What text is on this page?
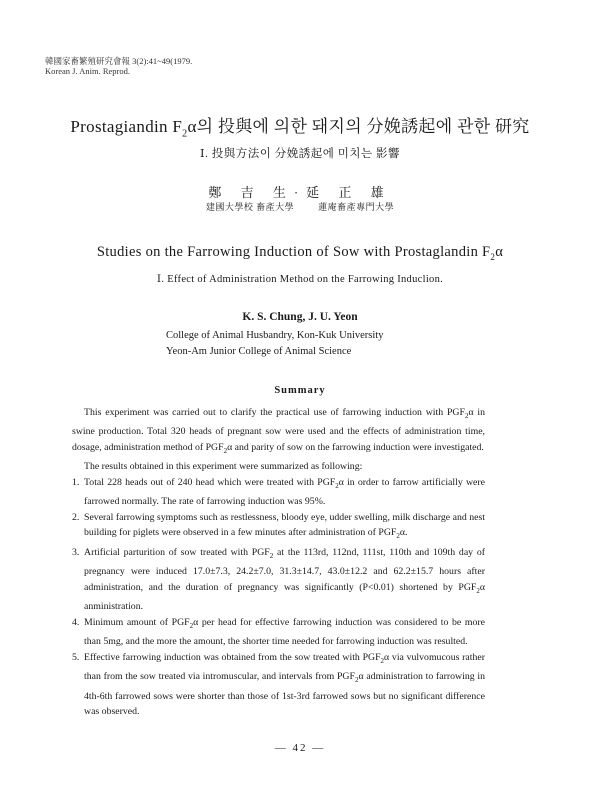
韓國家畜繁殖研究會報 3(2):41~49(1979.
Korean J. Anim. Reprod.
Prostagiandin $F_2\alpha$의 投與에 의한 돼지의 分娩誘起에 관한 研究
Ⅰ. 投與方法이 分娩誘起에 미치는 影響
鄭 吉 生·延 正 雄
建國大學校 畜產大學	蓮庵畜產專門大學
Studies on the Farrowing Induction of Sow with Prostaglandin $F_2\alpha$
Ⅰ. Effect of Administration Method on the Farrowing Induclion.
K. S. Chung, J. U. Yeon
College of Animal Husbandry, Kon-Kuk University
Yeon-Am Junior College of Animal Science
Summary

This experiment was carried out to clarify the practical use of farrowing induction with $PGF_2\alpha$ in swine production. Total 320 heads of pregnant sow were used and the effects of administration time, dosage, administration method of $PGF_2\alpha$ and parity of sow on the farrowing induction were investigated.

The results obtained in this experiment were summarized as following:

1. Total 228 heads out of 240 head which were treated with $PGF_2\alpha$ in order to farrow artificially were farrowed normally. The rate of farrowing induction was 95%.
2. Several farrowing symptoms such as restlessness, bloody eye, udder swelling, milk discharge and nest building for piglets were observed in a few minutes after administration of $PGF_2\alpha$.
3. Artificial parturition of sow treated with $PGF_2$ at the 113rd, 112nd, 111st, 110th and 109th day of pregnancy were induced 17.0±7.3, 24.2±7.0, 31.3±14.7, 43.0±12.2 and 62.2±15.7 hours after administration, and the duration of pregnancy was significantly (P<0.01) shortened by $PGF_2\alpha$ anministration.
4. Minimum amount of $PGF_2\alpha$ per head for effective farrowing induction was considered to be more than 5mg, and the more the amount, the shorter time needed for farrowing induction was resulted.
5. Effective farrowing induction was obtained from the sow treated with $PGF_2\alpha$ via vulvomucous rather than from the sow treated via intromuscular, and intervals from $PGF_2\alpha$ administration to farrowing in 4th-6th farrowed sows were shorter than those of 1st-3rd farrowed sows but no significant difference was observed.
— 42 —
